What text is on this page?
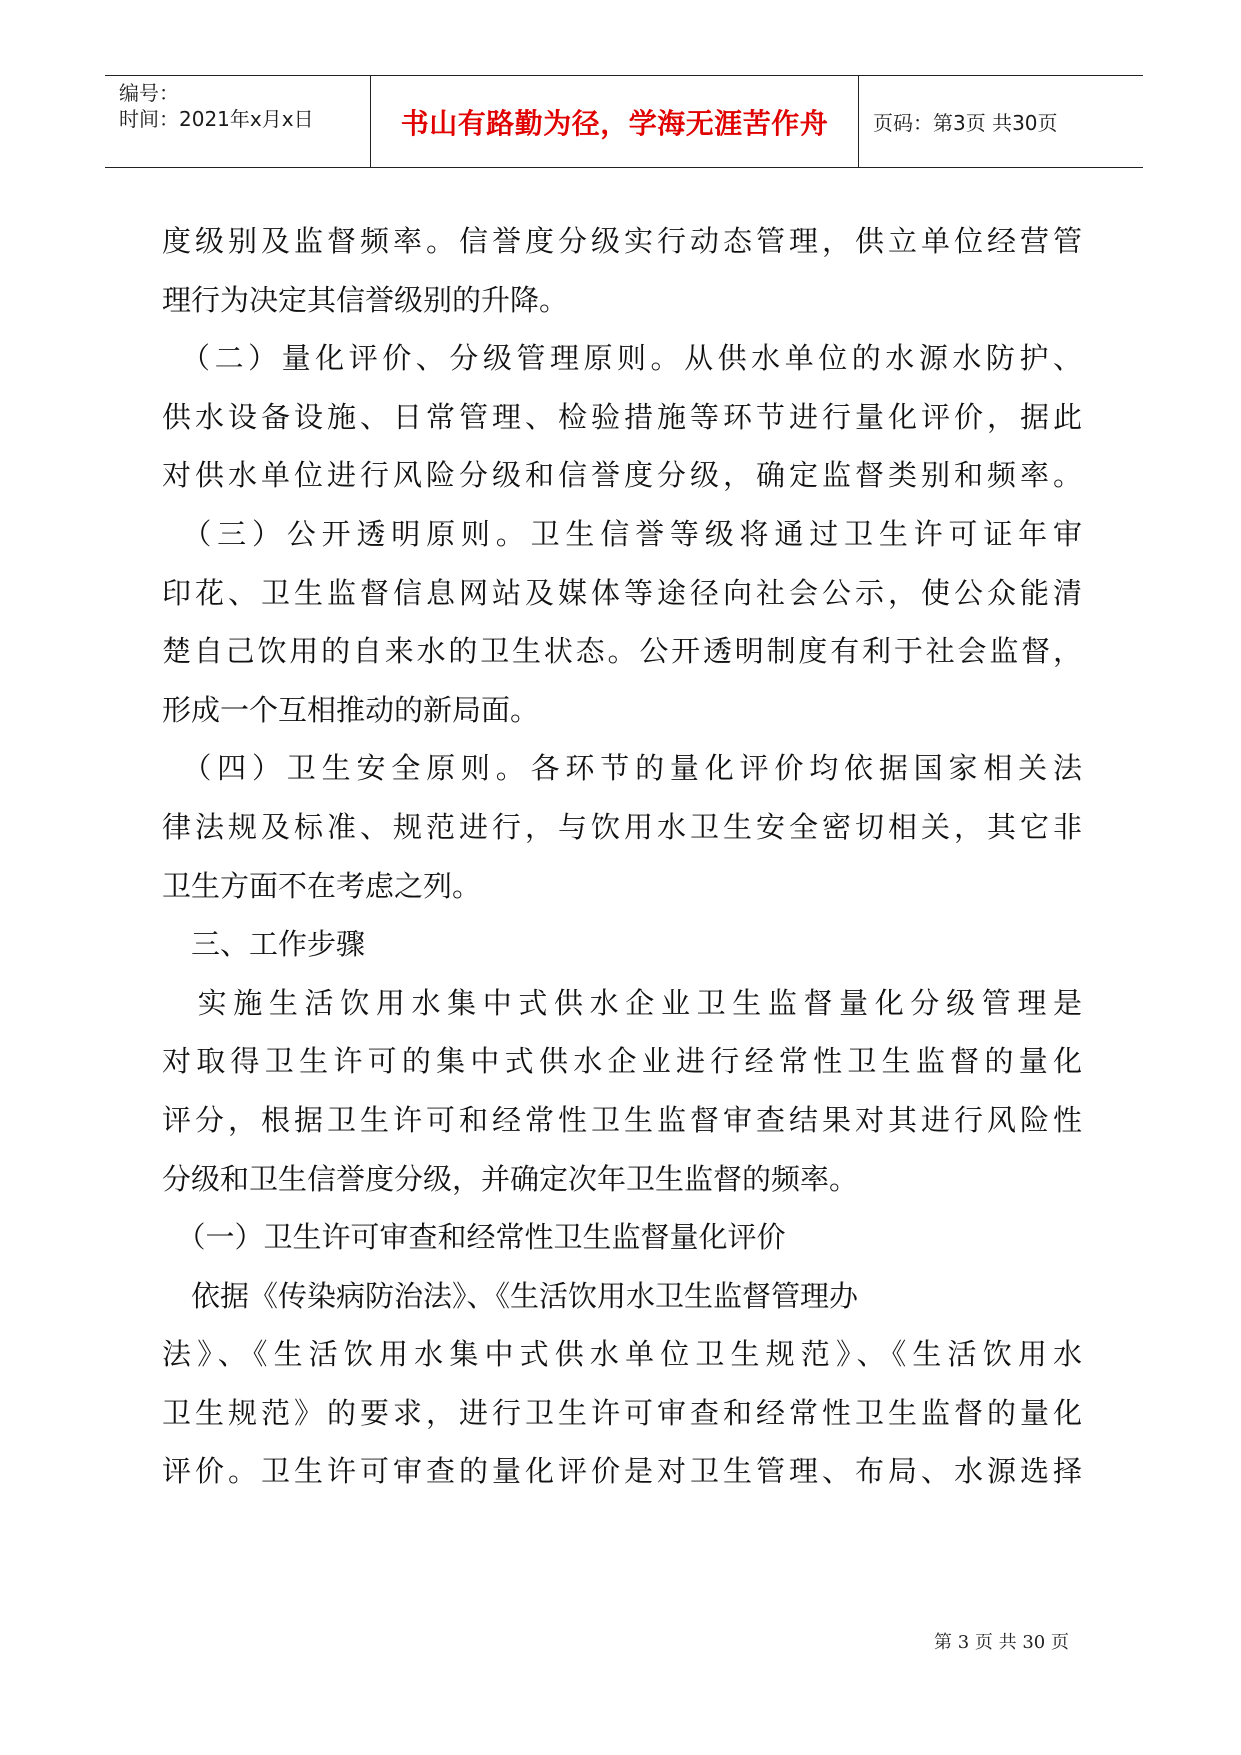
编号：
时间：2021年x月x日	书山有路勤为径，学海无涯苦作舟	页码：第3页 共30页
度级别及监督频率。信誉度分级实行动态管理，供立单位经营管
理行为决定其信誉级别的升降。
　（二）量化评价、分级管理原则。从供水单位的水源水防护、
供水设备设施、日常管理、检验措施等环节进行量化评价，据此
对供水单位进行风险分级和信誉度分级，确定监督类别和频率。
　（三）公开透明原则。卫生信誉等级将通过卫生许可证年审
印花、卫生监督信息网站及媒体等途径向社会公示，使公众能清
楚自己饮用的自来水的卫生状态。公开透明制度有利于社会监督，
形成一个互相推动的新局面。
　（四）卫生安全原则。各环节的量化评价均依据国家相关法
律法规及标准、规范进行，与饮用水卫生安全密切相关，其它非
卫生方面不在考虑之列。
　三、工作步骤
　实施生活饮用水集中式供水企业卫生监督量化分级管理是
对取得卫生许可的集中式供水企业进行经常性卫生监督的量化
评分，根据卫生许可和经常性卫生监督审查结果对其进行风险性
分级和卫生信誉度分级，并确定次年卫生监督的频率。
　（一）卫生许可审查和经常性卫生监督量化评价
　依据《传染病防治法》、《生活饮用水卫生监督管理办
法》、《生活饮用水集中式供水单位卫生规范》、《生活饮用水
卫生规范》的要求，进行卫生许可审查和经常性卫生监督的量化
评价。卫生许可审查的量化评价是对卫生管理、布局、水源选择
第 3 页 共 30 页
